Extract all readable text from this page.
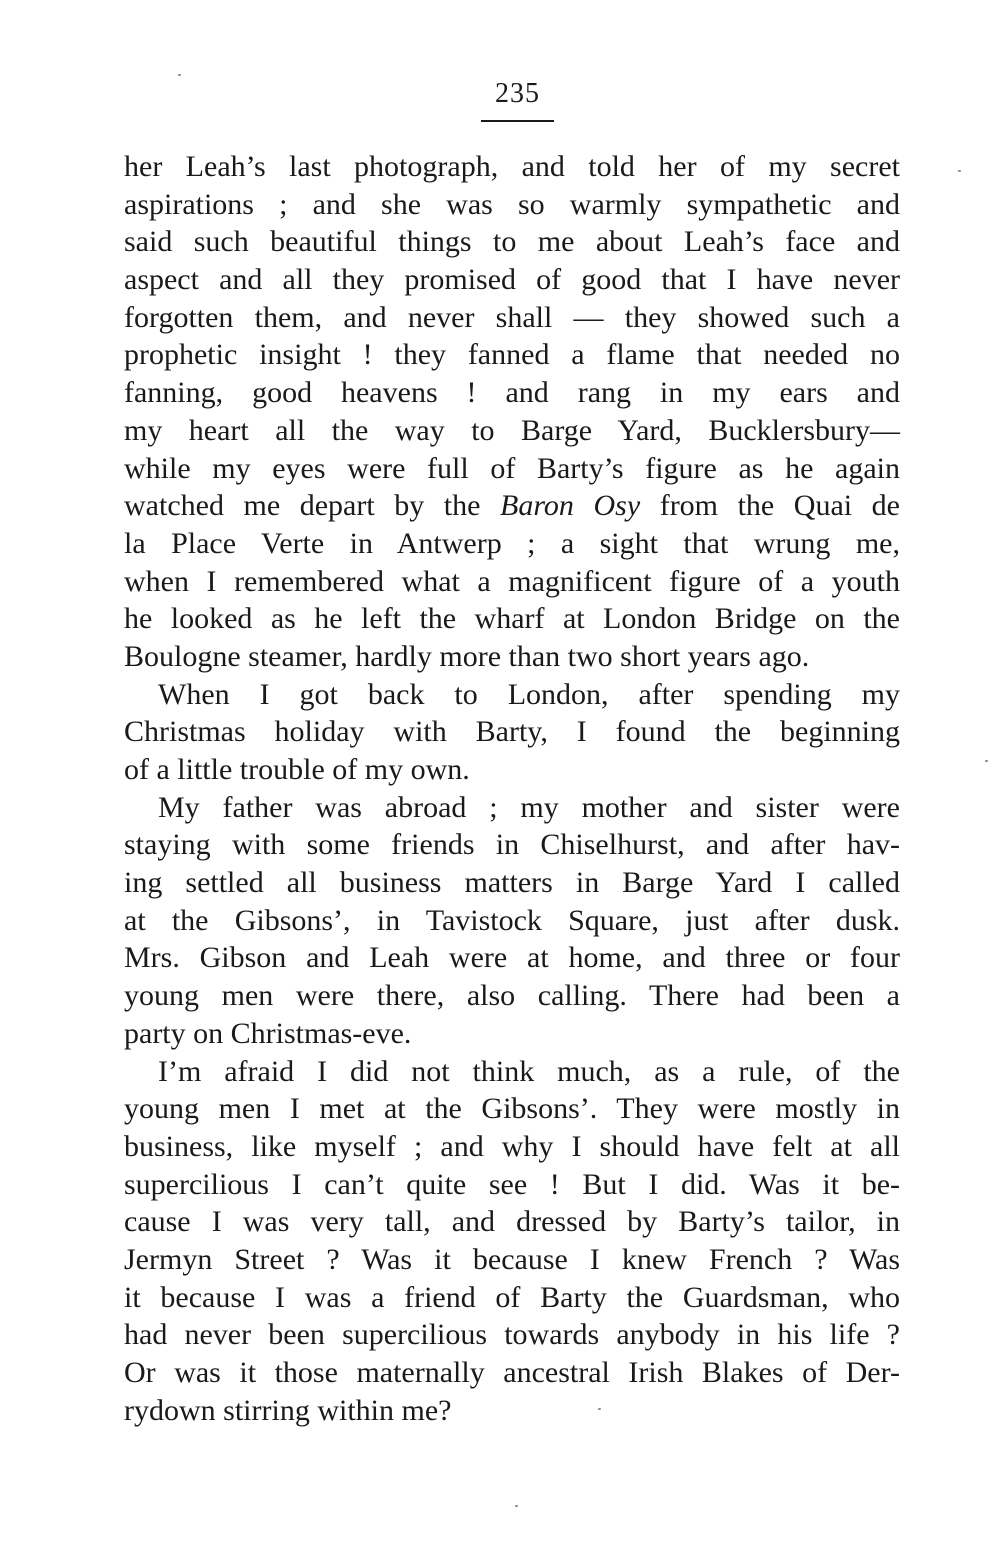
235
her Leah’s last photograph, and told her of my secret
aspirations ; and she was so warmly sympathetic and
said such beautiful things to me about Leah’s face and
aspect and all they promised of good that I have never
forgotten them, and never shall — they showed such a
prophetic insight ! they fanned a flame that needed no
fanning, good heavens ! and rang in my ears and
my heart all the way to Barge Yard, Bucklersbury—
while my eyes were full of Barty’s figure as he again
watched me depart by the Baron Osy from the Quai de
la Place Verte in Antwerp ; a sight that wrung me,
when I remembered what a magnificent figure of a youth
he looked as he left the wharf at London Bridge on the
Boulogne steamer, hardly more than two short years ago.
When I got back to London, after spending my
Christmas holiday with Barty, I found the beginning
of a little trouble of my own.
My father was abroad ; my mother and sister were
staying with some friends in Chiselhurst, and after hav-
ing settled all business matters in Barge Yard I called
at the Gibsons’, in Tavistock Square, just after dusk.
Mrs. Gibson and Leah were at home, and three or four
young men were there, also calling. There had been a
party on Christmas-eve.
I’m afraid I did not think much, as a rule, of the
young men I met at the Gibsons’. They were mostly in
business, like myself ; and why I should have felt at all
supercilious I can’t quite see ! But I did. Was it be-
cause I was very tall, and dressed by Barty’s tailor, in
Jermyn Street ? Was it because I knew French ? Was
it because I was a friend of Barty the Guardsman, who
had never been supercilious towards anybody in his life ?
Or was it those maternally ancestral Irish Blakes of Der-
rydown stirring within me?
